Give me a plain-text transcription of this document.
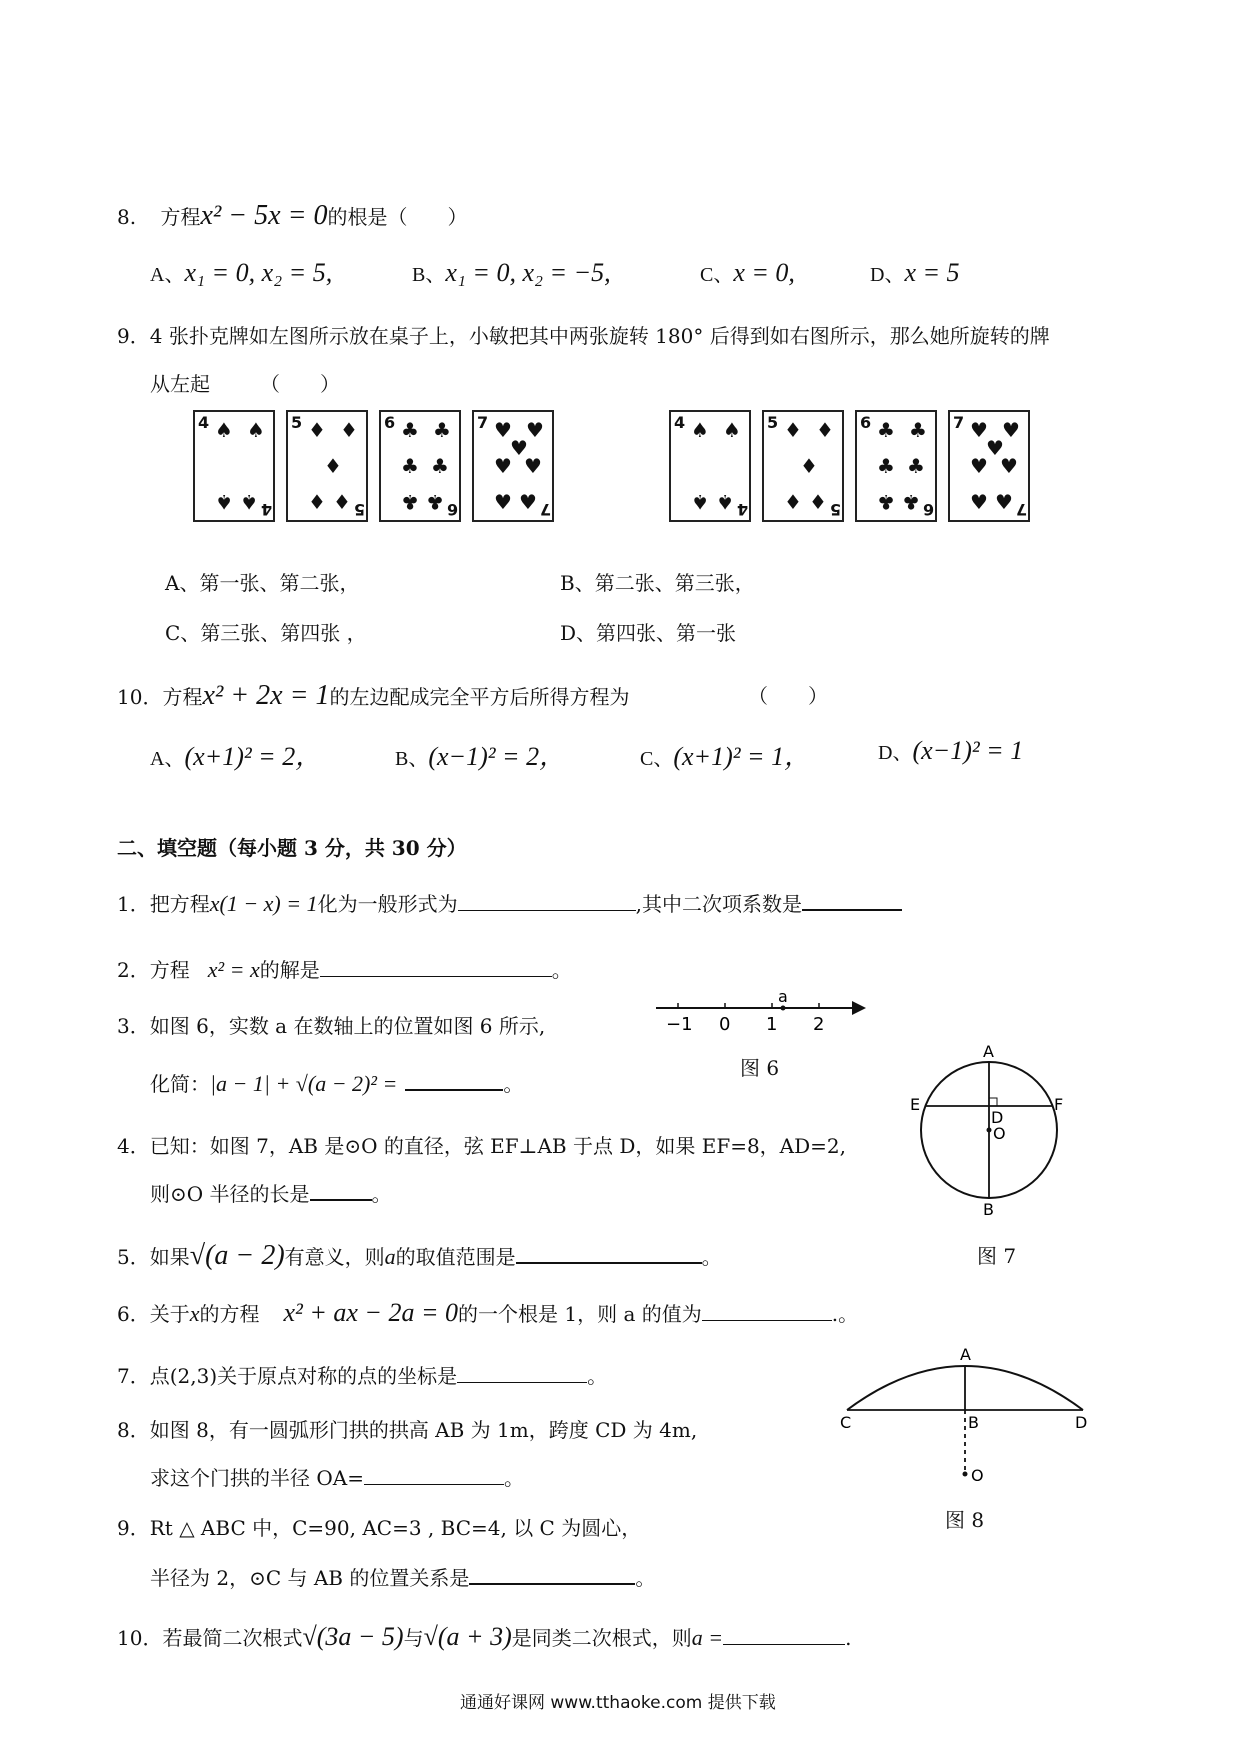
8. 方程x² − 5x = 0的根是（　　）
A、x₁ = 0, x₂ = 5,	B、x₁ = 0, x₂ = −5,	C、x = 0,	D、x = 5
9．4 张扑克牌如左图所示放在桌子上，小敏把其中两张旋转 180° 后得到如右图所示，那么她所旋转的牌
从左起　　　（　　）
4 ♠ ♠
♠ ♠ 4
5 ♦ ♦
♦
♦ ♦ 5
6 ♣ ♣
♣ ♣
♣ ♣ 6
7 ♥ ♥
♥
♥ ♥
♥ ♥ 7
4 ♠ ♠
♠ ♠ 4
5 ♦ ♦
♦
♦ ♦ 5
6 ♣ ♣
♣ ♣
♣ ♣ 6
7 ♥ ♥
♥
♥ ♥
♥ ♥ 7
A、第一张、第二张，	B、第二张、第三张，
C、第三张、第四张 ，	D、第四张、第一张
10．方程x² + 2x = 1的左边配成完全平方后所得方程为	（　　）
A、(x+1)² = 2，	B、(x−1)² = 2，	C、(x+1)² = 1，	D、(x−1)² = 1
二、填空题（每小题 3 分，共 30 分）
1．把方程x(1 − x) = 1化为一般形式为	,其中二次项系数是
2．方程 x² = x的解是	。
3．如图 6，实数 a 在数轴上的位置如图 6 所示,
化简：|a − 1| + √(a − 2)² =	。
−1 0 1 2
a
图 6
4．已知：如图 7，AB 是⊙O 的直径，弦 EF⊥AB 于点 D，如果 EF=8，AD=2,
则⊙O 半径的长是	。
A
B
E	F
D
O
图 7
5．如果√(a − 2)有意义，则a的取值范围是	。
6．关于x的方程 x² + ax − 2a = 0的一个根是 1，则 a 的值为	.。
7．点(2,3)关于原点对称的点的坐标是	。
A
B
C	D
O
图 8
8．如图 8，有一圆弧形门拱的拱高 AB 为 1m，跨度 CD 为 4m,
求这个门拱的半径 OA=	。
9．Rt △ ABC 中，C=90, AC=3 , BC=4, 以 C 为圆心，
半径为 2，⊙C 与 AB 的位置关系是	。
10．若最简二次根式√(3a − 5)与√(a + 3)是同类二次根式，则a =	.
通通好课网 www.tthaoke.com 提供下载
